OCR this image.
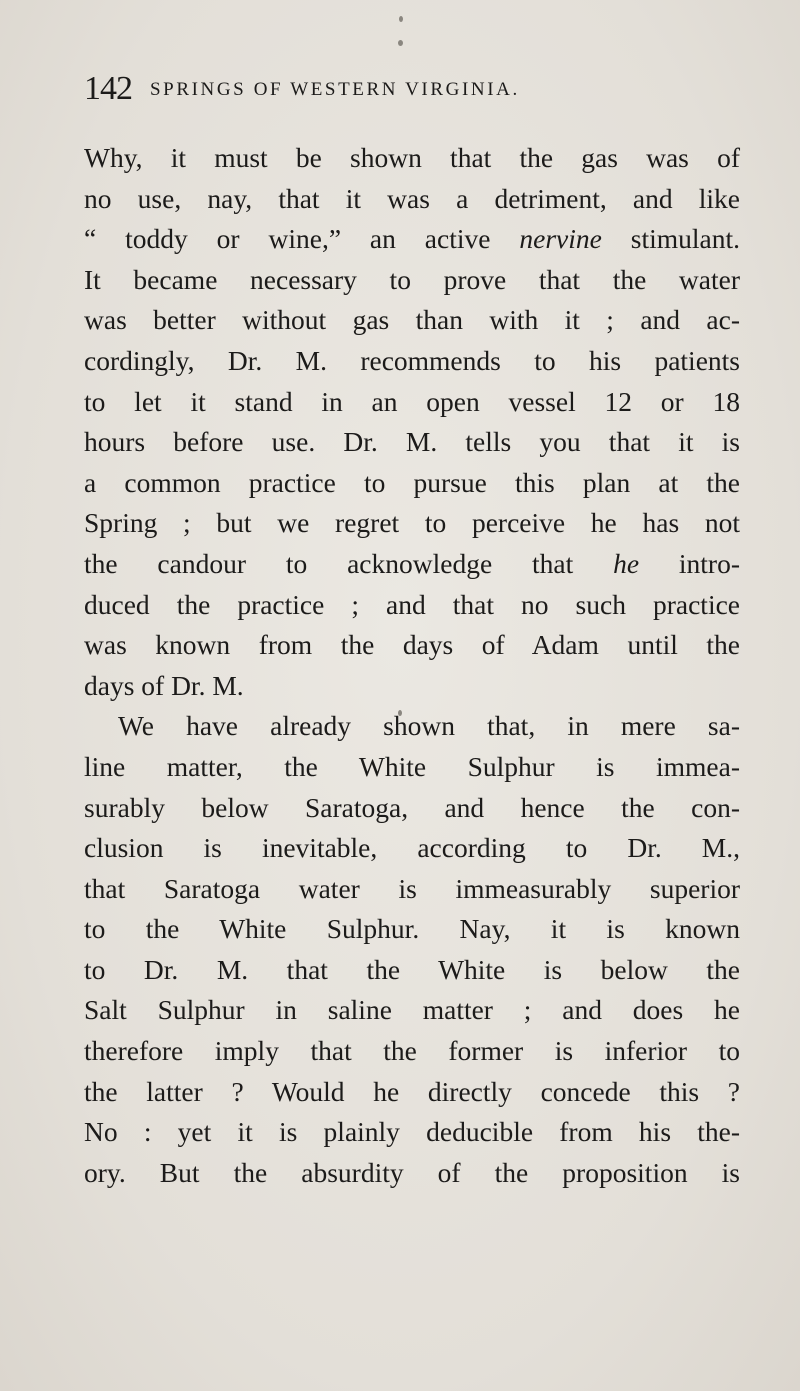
142 SPRINGS OF WESTERN VIRGINIA.
Why, it must be shown that the gas was of
no use, nay, that it was a detriment, and like
“ toddy or wine,” an active nervine stimulant.
It became necessary to prove that the water
was better without gas than with it ; and ac-
cordingly, Dr. M. recommends to his patients
to let it stand in an open vessel 12 or 18
hours before use. Dr. M. tells you that it is
a common practice to pursue this plan at the
Spring ; but we regret to perceive he has not
the candour to acknowledge that he intro-
duced the practice ; and that no such practice
was known from the days of Adam until the
days of Dr. M.
We have already shown that, in mere sa-
line matter, the White Sulphur is immea-
surably below Saratoga, and hence the con-
clusion is inevitable, according to Dr. M.,
that Saratoga water is immeasurably superior
to the White Sulphur. Nay, it is known
to Dr. M. that the White is below the
Salt Sulphur in saline matter ; and does he
therefore imply that the former is inferior to
the latter ? Would he directly concede this ?
No : yet it is plainly deducible from his the-
ory. But the absurdity of the proposition is
